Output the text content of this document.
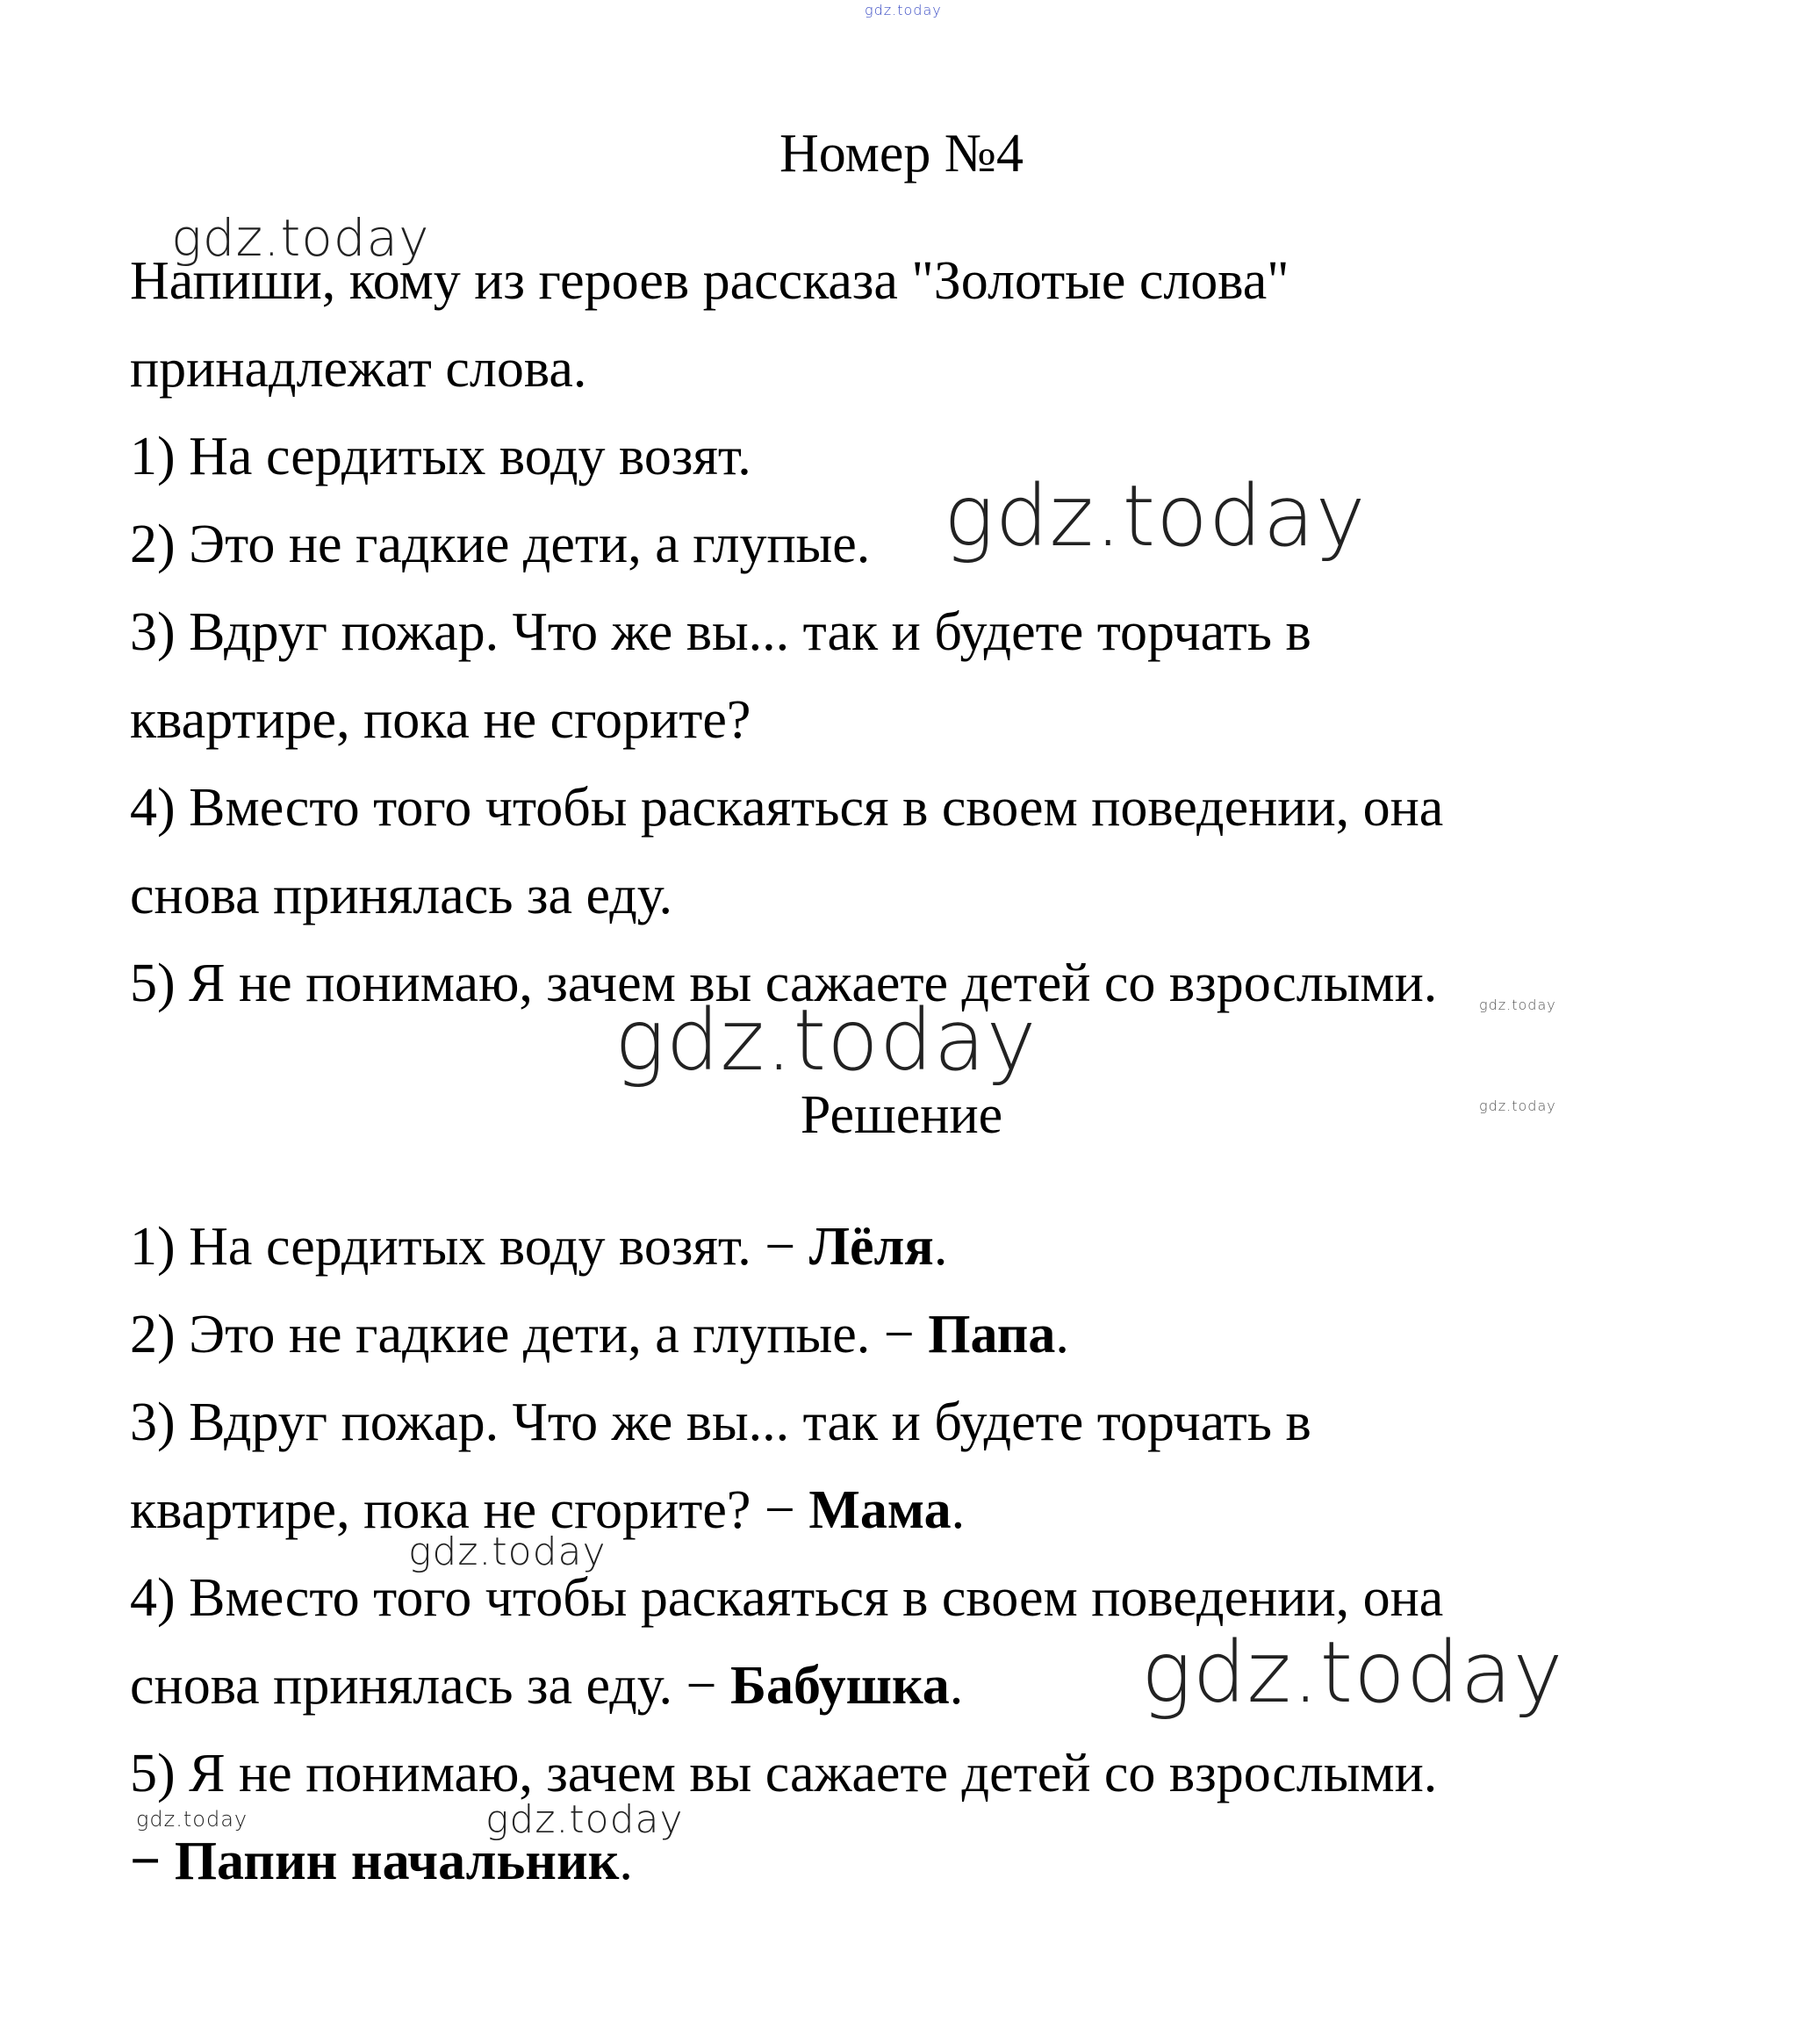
gdz.today
gdz.today
gdz.today
gdz.today
gdz.today
gdz.today
gdz.today
gdz.today
gdz.today	gdz.today
Номер №4
Напиши, кому из героев рассказа "Золотые слова"
принадлежат слова.
1) На сердитых воду возят.
2) Это не гадкие дети, а глупые.
3) Вдруг пожар. Что же вы... так и будете торчать в
квартире, пока не сгорите?
4) Вместо того чтобы раскаяться в своем поведении, она
снова принялась за еду.
5) Я не понимаю, зачем вы сажаете детей со взрослыми.
Решение
1) На сердитых воду возят. − Лёля.
2) Это не гадкие дети, а глупые. − Папа.
3) Вдруг пожар. Что же вы... так и будете торчать в
квартире, пока не сгорите? − Мама.
4) Вместо того чтобы раскаяться в своем поведении, она
снова принялась за еду. − Бабушка.
5) Я не понимаю, зачем вы сажаете детей со взрослыми.
− Папин начальник.
